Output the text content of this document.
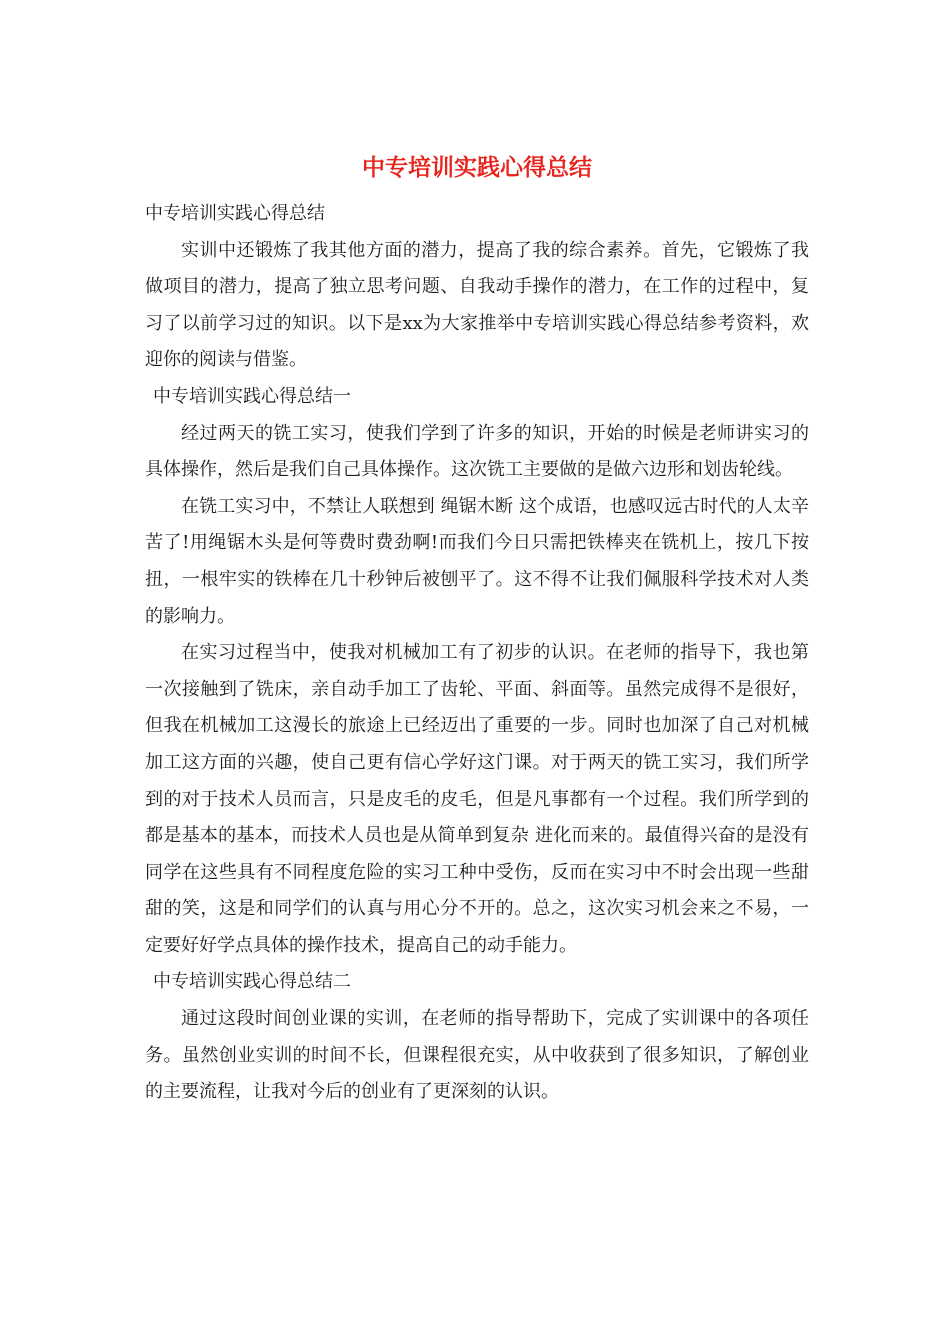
中专培训实践心得总结

中专培训实践心得总结

实训中还锻炼了我其他方面的潜力，提高了我的综合素养。首先，它锻炼了我做项目的潜力，提高了独立思考问题、自我动手操作的潜力，在工作的过程中，复习了以前学习过的知识。以下是xx为大家推举中专培训实践心得总结参考资料，欢迎你的阅读与借鉴。

中专培训实践心得总结一

经过两天的铣工实习，使我们学到了许多的知识，开始的时候是老师讲实习的具体操作，然后是我们自己具体操作。这次铣工主要做的是做六边形和划齿轮线。

在铣工实习中，不禁让人联想到 绳锯木断 这个成语，也感叹远古时代的人太辛苦了!用绳锯木头是何等费时费劲啊!而我们今日只需把铁棒夹在铣机上，按几下按扭，一根牢实的铁棒在几十秒钟后被刨平了。这不得不让我们佩服科学技术对人类的影响力。

在实习过程当中，使我对机械加工有了初步的认识。在老师的指导下，我也第一次接触到了铣床，亲自动手加工了齿轮、平面、斜面等。虽然完成得不是很好，但我在机械加工这漫长的旅途上已经迈出了重要的一步。同时也加深了自己对机械加工这方面的兴趣，使自己更有信心学好这门课。对于两天的铣工实习，我们所学到的对于技术人员而言，只是皮毛的皮毛，但是凡事都有一个过程。我们所学到的都是基本的基本，而技术人员也是从简单到复杂 进化而来的。最值得兴奋的是没有同学在这些具有不同程度危险的实习工种中受伤，反而在实习中不时会出现一些甜甜的笑，这是和同学们的认真与用心分不开的。总之，这次实习机会来之不易，一定要好好学点具体的操作技术，提高自己的动手能力。

中专培训实践心得总结二

通过这段时间创业课的实训，在老师的指导帮助下，完成了实训课中的各项任务。虽然创业实训的时间不长，但课程很充实，从中收获到了很多知识，了解创业的主要流程，让我对今后的创业有了更深刻的认识。
